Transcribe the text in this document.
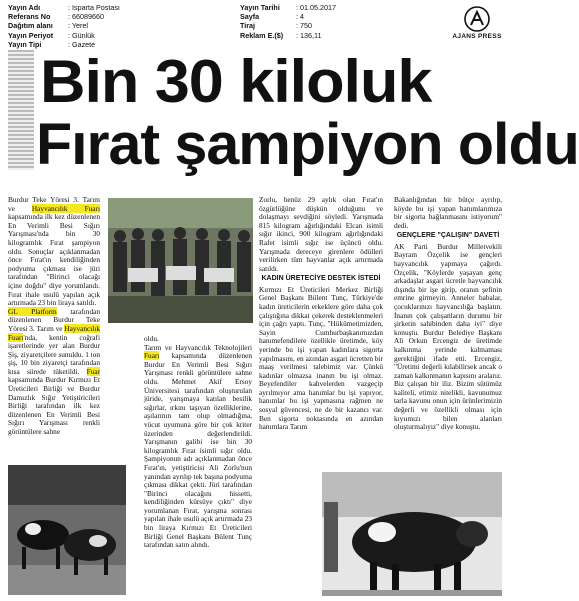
Yayın Adı	: Isparta Postası
Referans No : 66089660
Dağıtım alanı : Yerel
Yayın Periyot : Günlük
Yayın Tipi	: Gazete
Yayın Tarihi : 01.05.2017
Sayfa	: 4
Tiraj	: 750
Reklam E.($) : 136,11	AJANS PRESS
Bin 30 kiloluk
Fırat şampiyon oldu
Burdur Teke Yöresi 3. Tarım ve Hayvancılık Fuarı kapsamında ilk kez düzenlenen En Verimli Besi Sığırı Yarışması'nda bin 30 kilogramlık Fırat şampiyon oldu. Sonuçlar açıklanmadan önce Fırat'ın kendiliğinden podyuma çıkması ise jüri tarafından "Birinci olacağı içine doğdu" diye yorumlandı. Fırat ihale usulü yapılan açık artırmada 23 bin liraya satıldı.
GL Platform tarafından düzenlenen Burdur Teke Yöresi 3. Tarım ve Hayvancılık Fuarı'nda, kentin coğrafi işaretlerinde yer alan Burdur Şiş, ziyaretçilere sunuldu. 1 ton şiş, 10 bin ziyaretçi tarafından kısa sürede tüketildi. Fuar kapsamında Burdur Kırmızı Et Üreticileri Birliği ve Burdur Damızlık Sığır Yetiştiricileri Birliği tarafından ilk kez düzenlenen En Verimli Besi Sığırı Yarışması renkli görüntülere sahne
oldu.
Tarım ve Hayvancılık Teknolojileri Fuarı kapsamında düzenlenen Burdur En Verimli Besi Sığırı Yarışması renkli görüntülere sahne oldu. Mehmet Akif Ersoy Üniversitesi tarafından oluşturulan jüride, yarışmaya katılan besilik sığırlar, ırkını taşıyan özelliklerine, aşılarının tam olup olmadığına, vücut uyumuna göre bir çok kriter üzerinden değerlendirildi. Yarışmanın galibi ise bin 30 kilogramlık Fırat isimli sığır oldu. Şampiyonun adı açıklanmadan önce Fırat'ın, yetiştiricisi Ali Zorlu'nun yanından ayrılıp tek başına podyuma çıkması dikkat çekti. Jüri tarafından "Birinci olacağını hissetti, kendiliğinden kürsüye çıktı" diye yorumlanan Fırat, yarışma sonrası yapılan ihale usulü açık artırmada 23 bin liraya Kırmızı Et Üreticileri Birliği Genel Başkanı Bülent Tunç tarafından satın alındı.
Zorlu, henüz 29 aylık olan Fırat'ın özgürlüğüne düşkün olduğunu ve dolaşmayı sevdiğini söyledi. Yarışmada 815 kilogram ağırlığındaki Elcan isimli sığır ikinci, 900 kilogram ağırlığındaki Rafet isimli sığır ise üçüncü oldu. Yarışmada dereceye girenlere ödülleri verilirken tüm hayvanlar açık artırmada satıldı.
KADIN ÜRETECİYE DESTEK İSTEDİ
Kırmızı Et Üreticileri Merkez Birliği Genel Başkanı Bülent Tunç, Türkiye'de kadın üreticilerin erkeklere göre daha çok çalıştığına dikkat çekerek desteklenmeleri için çağrı yaptı. Tunç, "Hükümetimizden, Sayın Cumhurbaşkanımızdan hanımefendilere özellikle üretimde, köy yerinde bu işi yapan kadınlara sigorta yapılmasını, en azından asgari ücretten bir maaş verilmesi talebimiz var. Çünkü kadınlar olmazsa inanın bu işi olmaz. Beyefendiler kahvelerden vazgeçip ayrılmıyor ama hanımlar bu işi yapıyor, hanımlar bu işi yapmasına rağmen ne sosyal güvencesi, ne de bir kazancı var. Ben sigorta noktasında en azından hanımlara Tarım
Bakanlığından bir bütçe ayrılıp, köyde bu işi yapan hanımlarımıza bir sigorta bağlanmasını istiyorum" dedi.
GENÇLERE "ÇALIŞIN" DAVETİ
AK Parti Burdur Milletvekili Bayram Özçelik ise gençleri hayvancılık yapmaya çağırdı. Özçelik, "Köylerde yaşayan genç arkadaşlar asgari ücretle hayvancılık dışında bir işe girip, oranın şefinin emrine girmeyin. Anneler babalar, çocuklarınızı hayvancılığa başlatın. İnanın çok çalışanların durumu bir şirketin sahibinden daha iyi" diye konuştu. Burdur Belediye Başkanı Ali Orkun Ercengiz de üretimde kalkınma yerinde kalmaması gerektiğini ifade etti. Ercengiz, "Üretimi değerli kılabilirsek ancak o zaman kalkınmanın kapısını aralarız. Biz çalışan bir iliz. Bizim sütümüz kaliteli, etimiz nitelikli, kavunumuz tarla kavunu onun için ürünlerimizin değerli ve özellikli olması için kıyıımızı bilen alanları oluşturmalıyız" diye konuştu.
